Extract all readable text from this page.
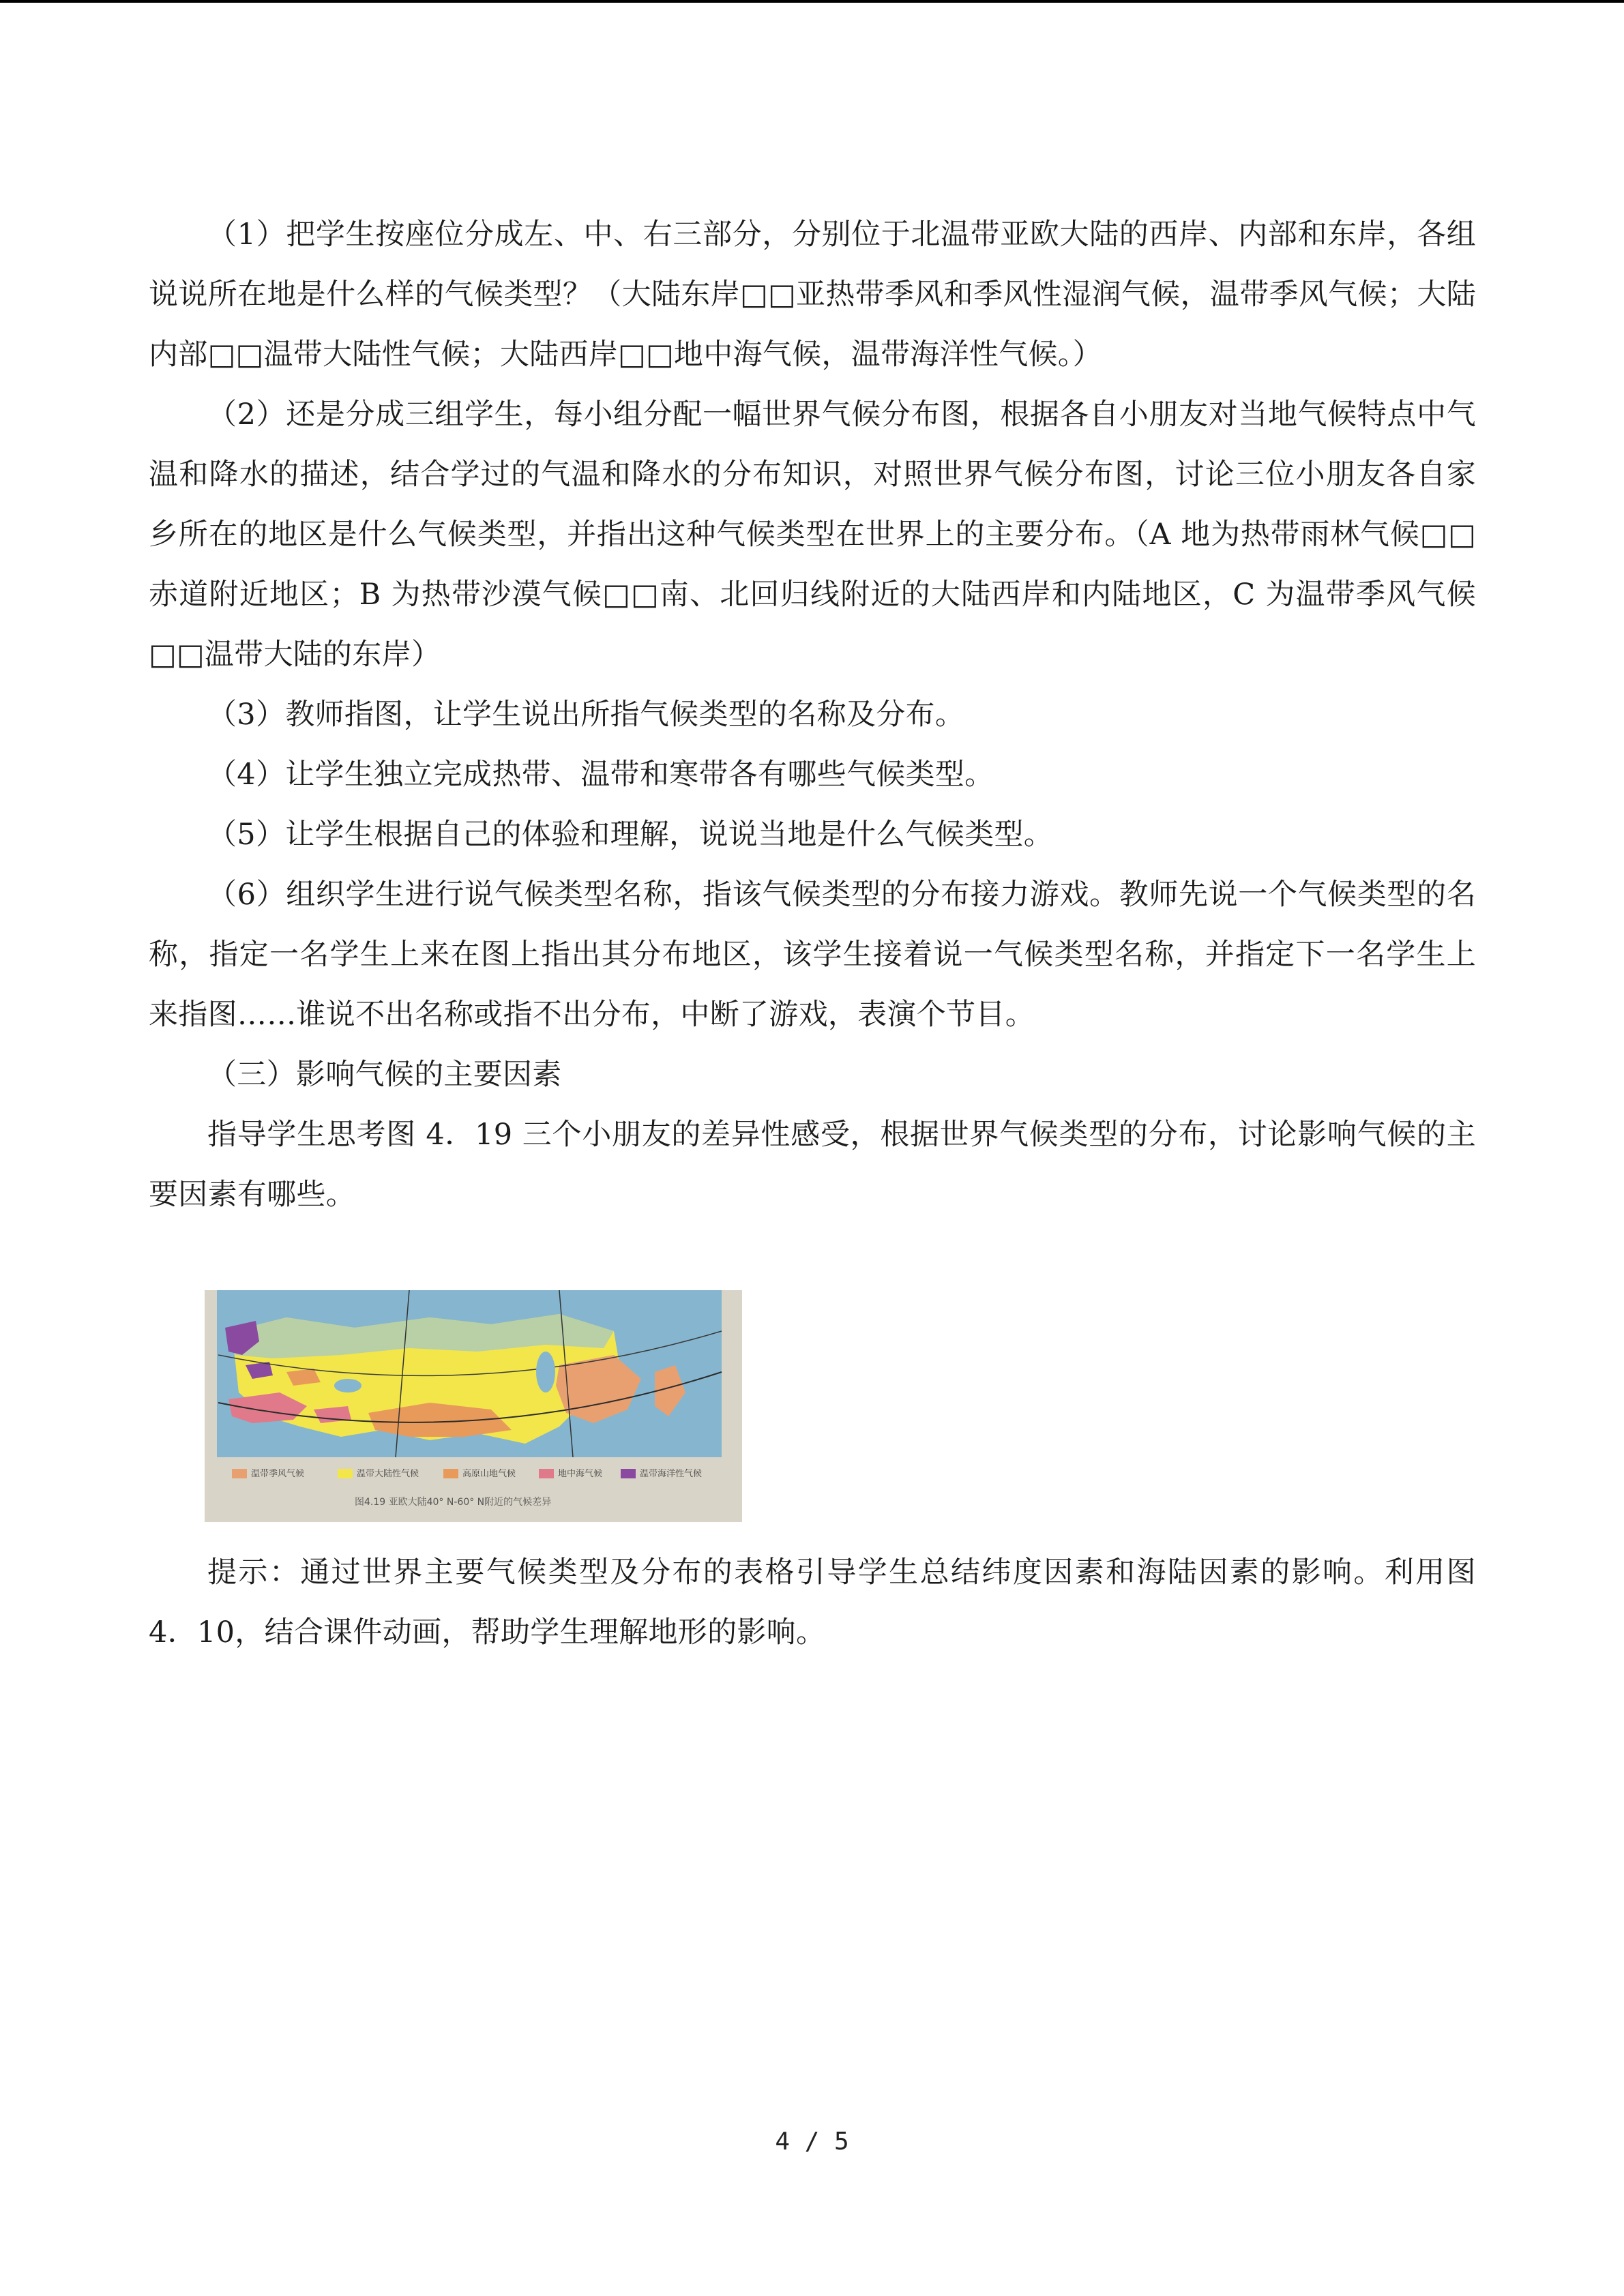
（1）把学生按座位分成左、中、右三部分，分别位于北温带亚欧大陆的西岸、内部和东岸，各组说说所在地是什么样的气候类型？（大陆东岸□□亚热带季风和季风性湿润气候，温带季风气候；大陆内部□□温带大陆性气候；大陆西岸□□地中海气候，温带海洋性气候。）

（2）还是分成三组学生，每小组分配一幅世界气候分布图，根据各自小朋友对当地气候特点中气温和降水的描述，结合学过的气温和降水的分布知识，对照世界气候分布图，讨论三位小朋友各自家乡所在的地区是什么气候类型，并指出这种气候类型在世界上的主要分布。（A 地为热带雨林气候□□赤道附近地区；B 为热带沙漠气候□□南、北回归线附近的大陆西岸和内陆地区，C 为温带季风气候□□温带大陆的东岸）

（3）教师指图，让学生说出所指气候类型的名称及分布。

（4）让学生独立完成热带、温带和寒带各有哪些气候类型。

（5）让学生根据自己的体验和理解，说说当地是什么气候类型。

（6）组织学生进行说气候类型名称，指该气候类型的分布接力游戏。教师先说一个气候类型的名称，指定一名学生上来在图上指出其分布地区，该学生接着说一气候类型名称，并指定下一名学生上来指图……谁说不出名称或指不出分布，中断了游戏，表演个节目。

（三）影响气候的主要因素

指导学生思考图 4．19 三个小朋友的差异性感受，根据世界气候类型的分布，讨论影响气候的主要因素有哪些。

温带季风气候	温带大陆性气候	高原山地气候	地中海气候	温带海洋性气候
图4.19 亚欧大陆40° N-60° N附近的气候差异

提示：通过世界主要气候类型及分布的表格引导学生总结纬度因素和海陆因素的影响。利用图 4．10，结合课件动画，帮助学生理解地形的影响。

4 / 5
